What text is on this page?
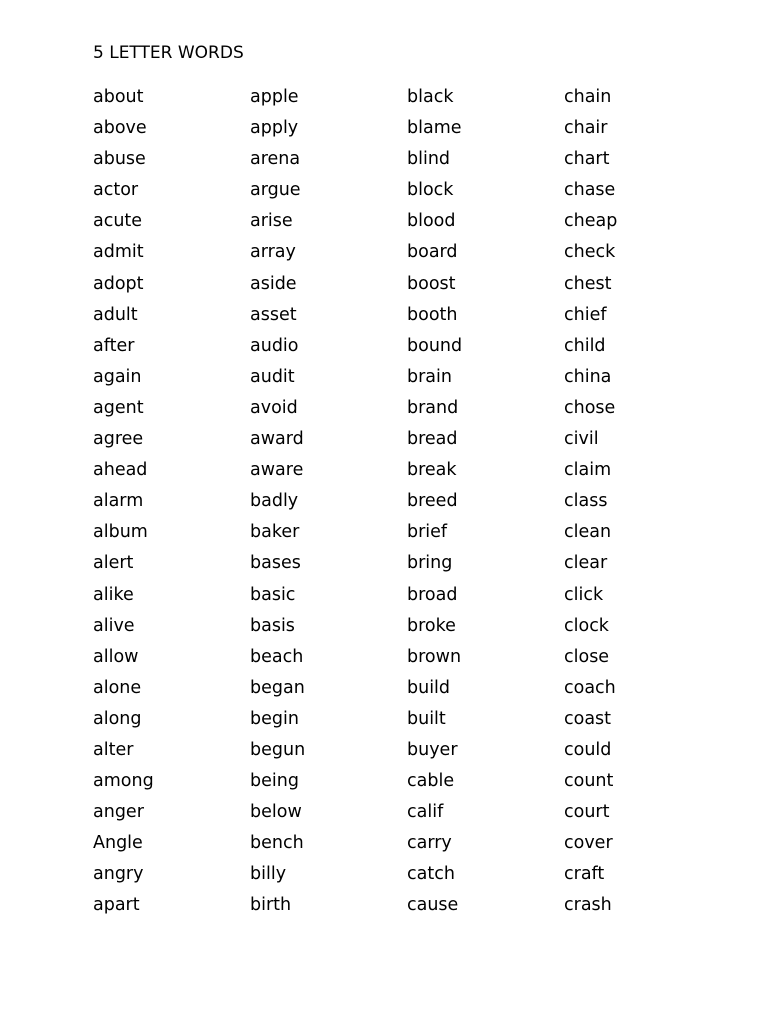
5 LETTER WORDS
about
above
abuse
actor
acute
admit
adopt
adult
after
again
agent
agree
ahead
alarm
album
alert
alike
alive
allow
alone
along
alter
among
anger
Angle
angry
apart
apple
apply
arena
argue
arise
array
aside
asset
audio
audit
avoid
award
aware
badly
baker
bases
basic
basis
beach
began
begin
begun
being
below
bench
billy
birth
black
blame
blind
block
blood
board
boost
booth
bound
brain
brand
bread
break
breed
brief
bring
broad
broke
brown
build
built
buyer
cable
calif
carry
catch
cause
chain
chair
chart
chase
cheap
check
chest
chief
child
china
chose
civil
claim
class
clean
clear
click
clock
close
coach
coast
could
count
court
cover
craft
crash
